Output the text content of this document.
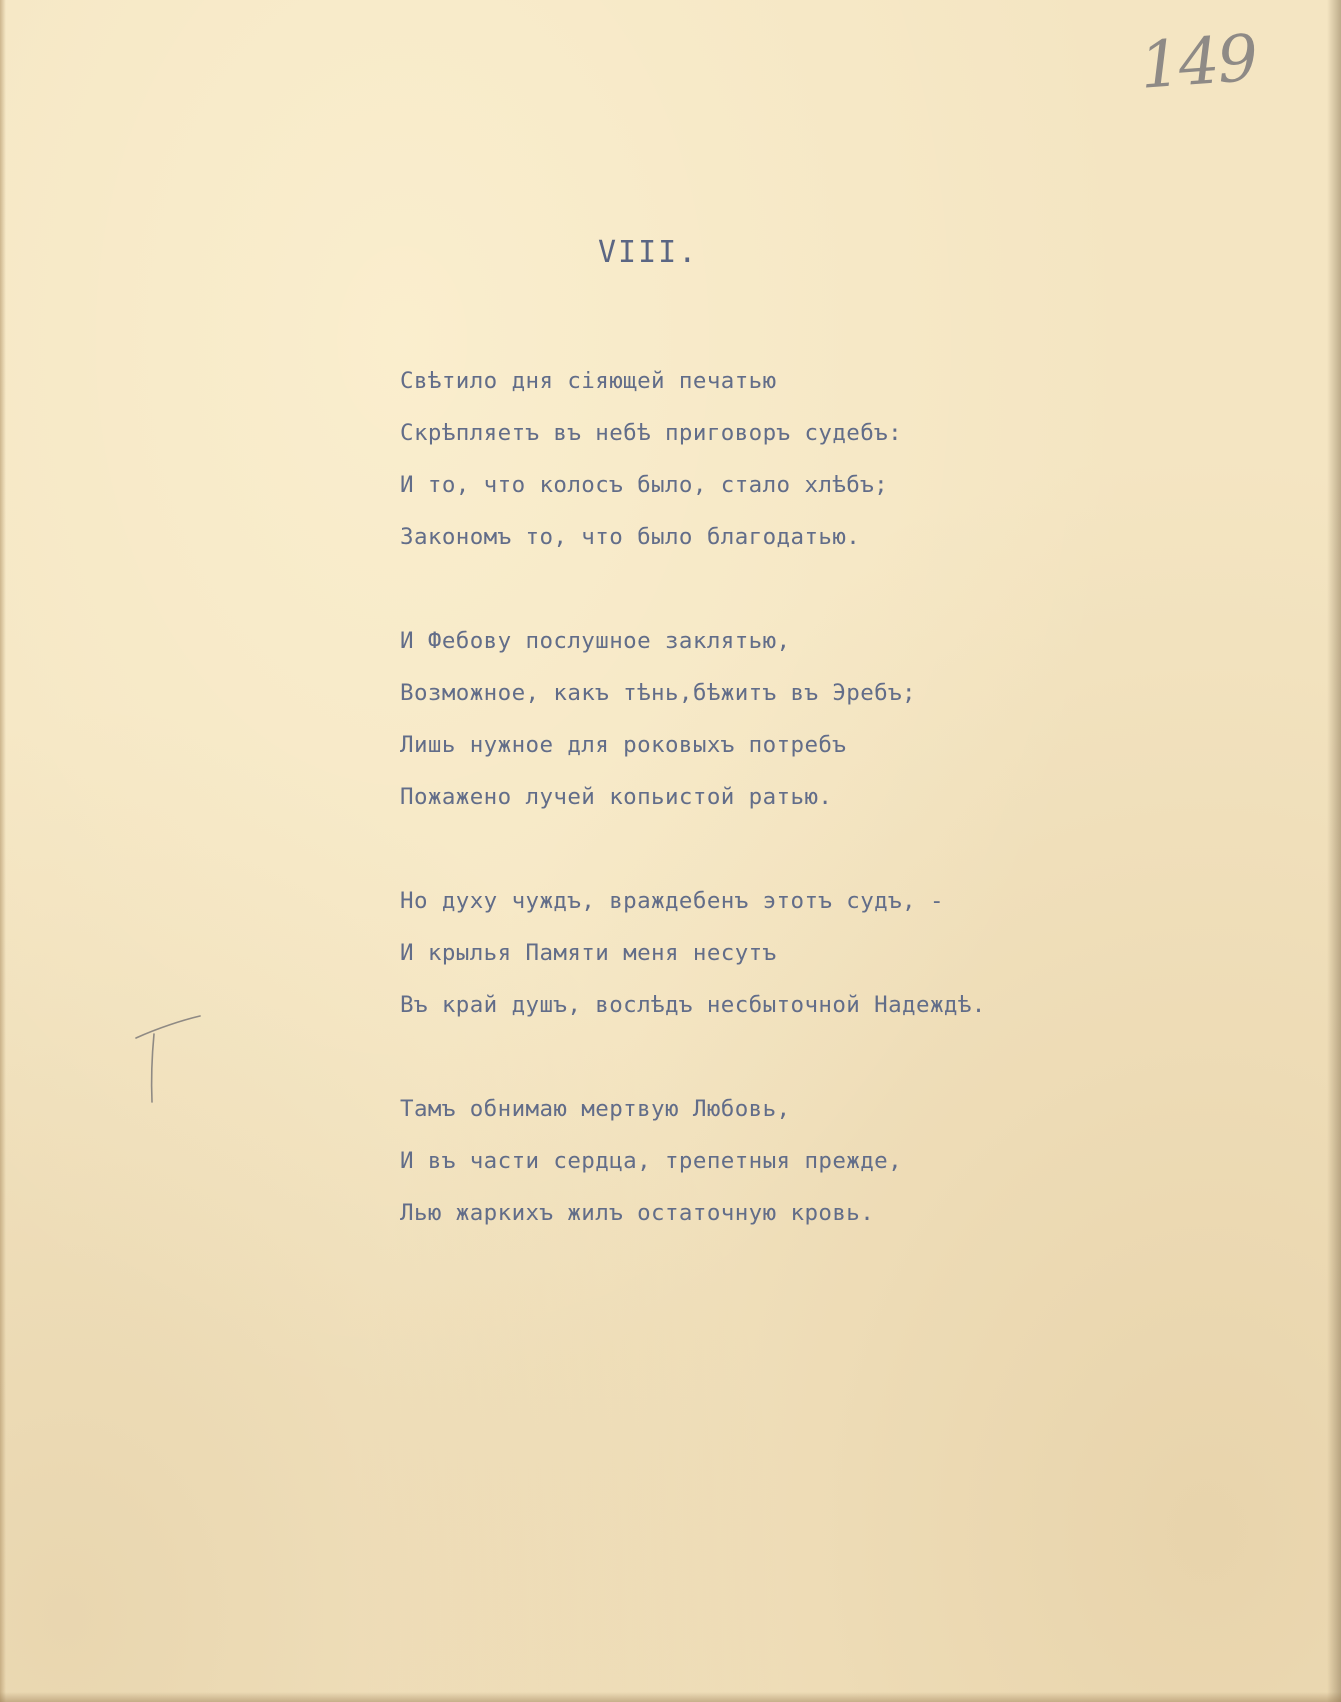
149
VIII.
Свѣтило дня сіяющей печатью
Скрѣпляетъ въ небѣ приговоръ судебъ:
И то, что колосъ было, стало хлѣбъ;
Закономъ то, что было благодатью.
И Фебову послушное заклятью,
Возможное, какъ тѣнь,бѣжитъ въ Эребъ;
Лишь нужное для роковыхъ потребъ
Пожажено лучей копьистой ратью.
Но духу чуждъ, враждебенъ этотъ судъ, -
И крылья Памяти меня несутъ
Въ край душъ, вослѣдъ несбыточной Надеждѣ.
Тамъ обнимаю мертвую Любовь,
И въ части сердца, трепетныя прежде,
Лью жаркихъ жилъ остаточную кровь.
